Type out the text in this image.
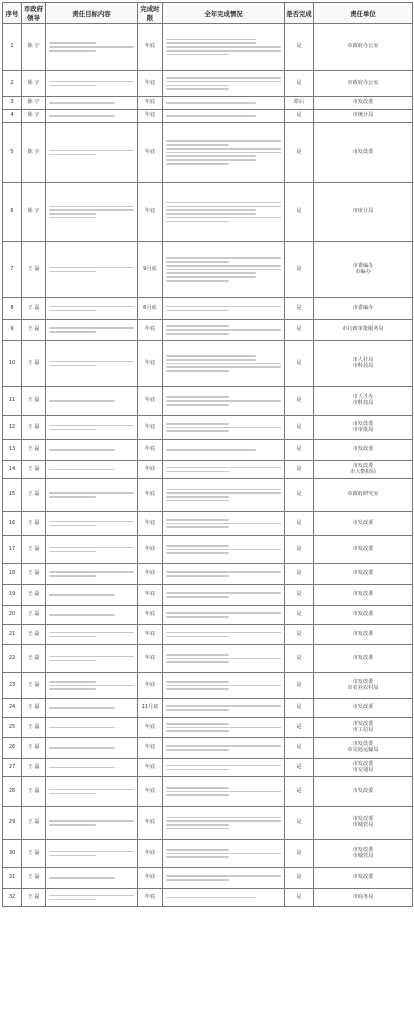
序号	市政府领导	责任目标内容	完成时限	全年完成情况	是否完成	责任单位
1	陈 宇		年底		是	市政府办公室
2	陈 宇		年底		是	市政府办公室
3	陈 宇		年底		滞后	市发改委
4	陈 宇		年底		是	市统计局
5	陈 宇		年底		是	市发改委
6	陈 宇		年底		是	市审计局
7	王 磊		9月底		是	市委编办
市编办
8	王 磊		6月底		是	市委编办
9	王 磊		年底		是	市行政审批服务局
10	王 磊		年底		是	市人社局
市科技局
11	王 磊		年底		是	市人才办
市科技局
12	王 磊		年底		是	市发改委
市审批局
13	王 磊		年底		是	市发改委
14	王 磊		年底		是	市发改委
市大数据局
15	王 磊		年底		是	市政府研究室
16	王 磊		年底		是	市发改委
17	王 磊		年底		是	市发改委
18	王 磊		年底		是	市发改委
19	王 磊		年底		是	市发改委
20	王 磊		年底		是	市发改委
21	王 磊		年底		是	市发改委
22	王 磊		年底		是	市发改委
23	王 磊		年底		是	市发改委
市农业农村局
24	王 磊		11月底		是	市发改委
25	王 磊		年底		是	市发改委
市工信局
26	王 磊		年底		是	市发改委
市交通运输局
27	王 磊		年底		是	市发改委
市交通局
28	王 磊		年底		是	市发改委
29	王 磊		年底		是	市发改委
市城管局
30	王 磊		年底		是	市发改委
市城管局
31	王 磊		年底		是	市发改委
32	王 磊		年底		是	市商务局
